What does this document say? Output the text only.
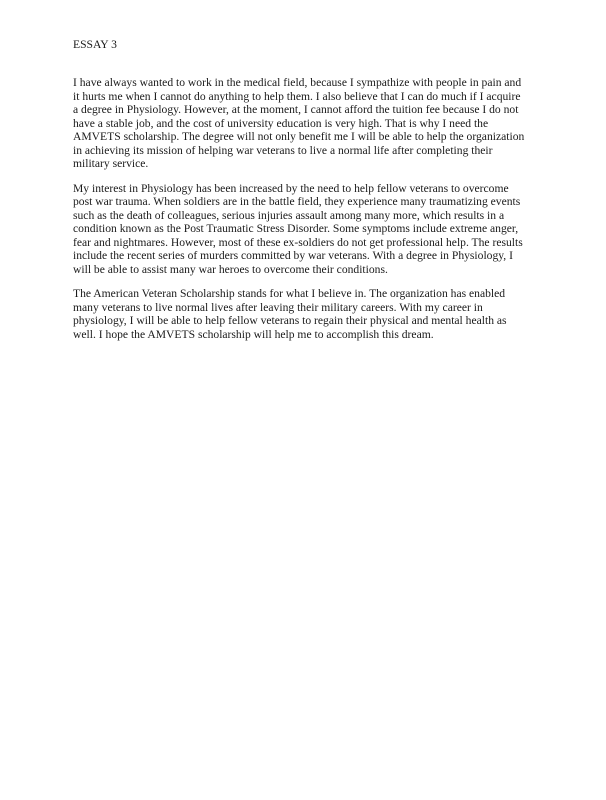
ESSAY 3

I have always wanted to work in the medical field, because I sympathize with people in pain and
it hurts me when I cannot do anything to help them. I also believe that I can do much if I acquire
a degree in Physiology. However, at the moment, I cannot afford the tuition fee because I do not
have a stable job, and the cost of university education is very high. That is why I need the
AMVETS scholarship. The degree will not only benefit me I will be able to help the organization
in achieving its mission of helping war veterans to live a normal life after completing their
military service.

My interest in Physiology has been increased by the need to help fellow veterans to overcome
post war trauma. When soldiers are in the battle field, they experience many traumatizing events
such as the death of colleagues, serious injuries assault among many more, which results in a
condition known as the Post Traumatic Stress Disorder. Some symptoms include extreme anger,
fear and nightmares. However, most of these ex-soldiers do not get professional help. The results
include the recent series of murders committed by war veterans. With a degree in Physiology, I
will be able to assist many war heroes to overcome their conditions.

The American Veteran Scholarship stands for what I believe in. The organization has enabled
many veterans to live normal lives after leaving their military careers. With my career in
physiology, I will be able to help fellow veterans to regain their physical and mental health as
well. I hope the AMVETS scholarship will help me to accomplish this dream.
